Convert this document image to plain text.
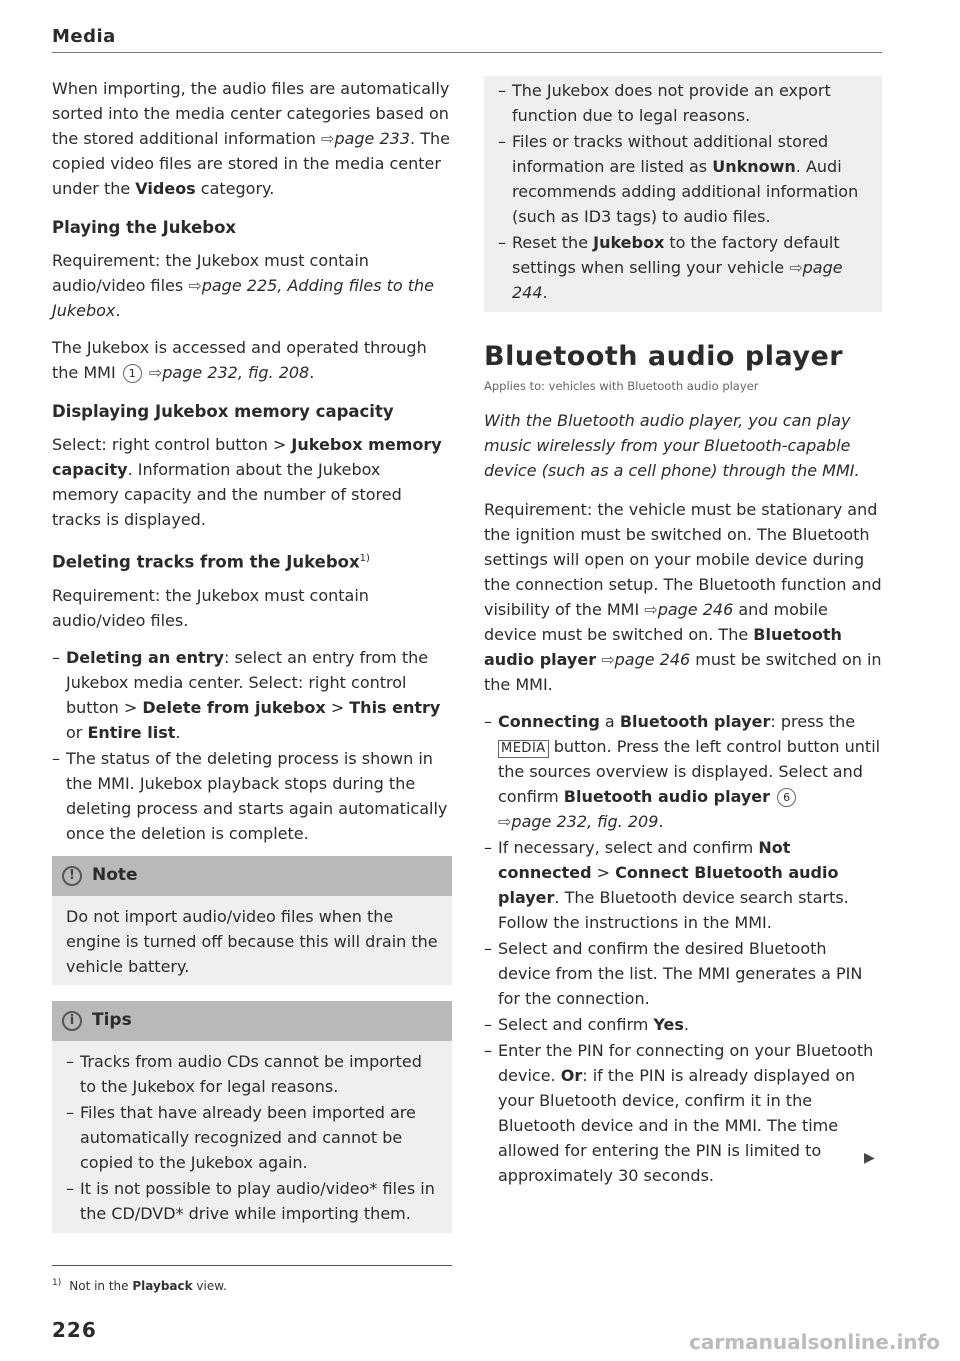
Media

When importing, the audio files are automatically sorted into the media center categories based on the stored additional information ⇨page 233. The copied video files are stored in the media center under the Videos category.

Playing the Jukebox

Requirement: the Jukebox must contain audio/video files ⇨page 225, Adding files to the Jukebox.

The Jukebox is accessed and operated through the MMI 1 ⇨page 232, fig. 208.

Displaying Jukebox memory capacity

Select: right control button > Jukebox memory capacity. Information about the Jukebox memory capacity and the number of stored tracks is displayed.

Deleting tracks from the Jukebox$^{1)}$

Requirement: the Jukebox must contain audio/video files.

– Deleting an entry: select an entry from the Jukebox media center. Select: right control button > Delete from jukebox > This entry or Entire list.
– The status of the deleting process is shown in the MMI. Jukebox playback stops during the deleting process and starts again automatically once the deletion is complete.
!	Note
Do not import audio/video files when the engine is turned off because this will drain the vehicle battery.
i	Tips
– Tracks from audio CDs cannot be imported to the Jukebox for legal reasons.
– Files that have already been imported are automatically recognized and cannot be copied to the Jukebox again.
– It is not possible to play audio/video* files in the CD/DVD* drive while importing them.
– The Jukebox does not provide an export function due to legal reasons.
– Files or tracks without additional stored information are listed as Unknown. Audi recommends adding additional information (such as ID3 tags) to audio files.
– Reset the Jukebox to the factory default settings when selling your vehicle ⇨page 244.
Bluetooth audio player
Applies to: vehicles with Bluetooth audio player

With the Bluetooth audio player, you can play music wirelessly from your Bluetooth-capable device (such as a cell phone) through the MMI.

Requirement: the vehicle must be stationary and the ignition must be switched on. The Bluetooth settings will open on your mobile device during the connection setup. The Bluetooth function and visibility of the MMI ⇨page 246 and mobile device must be switched on. The Bluetooth audio player ⇨page 246 must be switched on in the MMI.

– Connecting a Bluetooth player: press the MEDIA button. Press the left control button until the sources overview is displayed. Select and confirm Bluetooth audio player 6
⇨page 232, fig. 209.
– If necessary, select and confirm Not connected > Connect Bluetooth audio player. The Bluetooth device search starts. Follow the instructions in the MMI.
– Select and confirm the desired Bluetooth device from the list. The MMI generates a PIN for the connection.
– Select and confirm Yes.
– Enter the PIN for connecting on your Bluetooth device. Or: if the PIN is already displayed on your Bluetooth device, confirm it in the Bluetooth device and in the MMI. The time allowed for entering the PIN is limited to approximately 30 seconds.
▶
$^{1)}$ Not in the Playback view.
226	carmanualsonline.info
